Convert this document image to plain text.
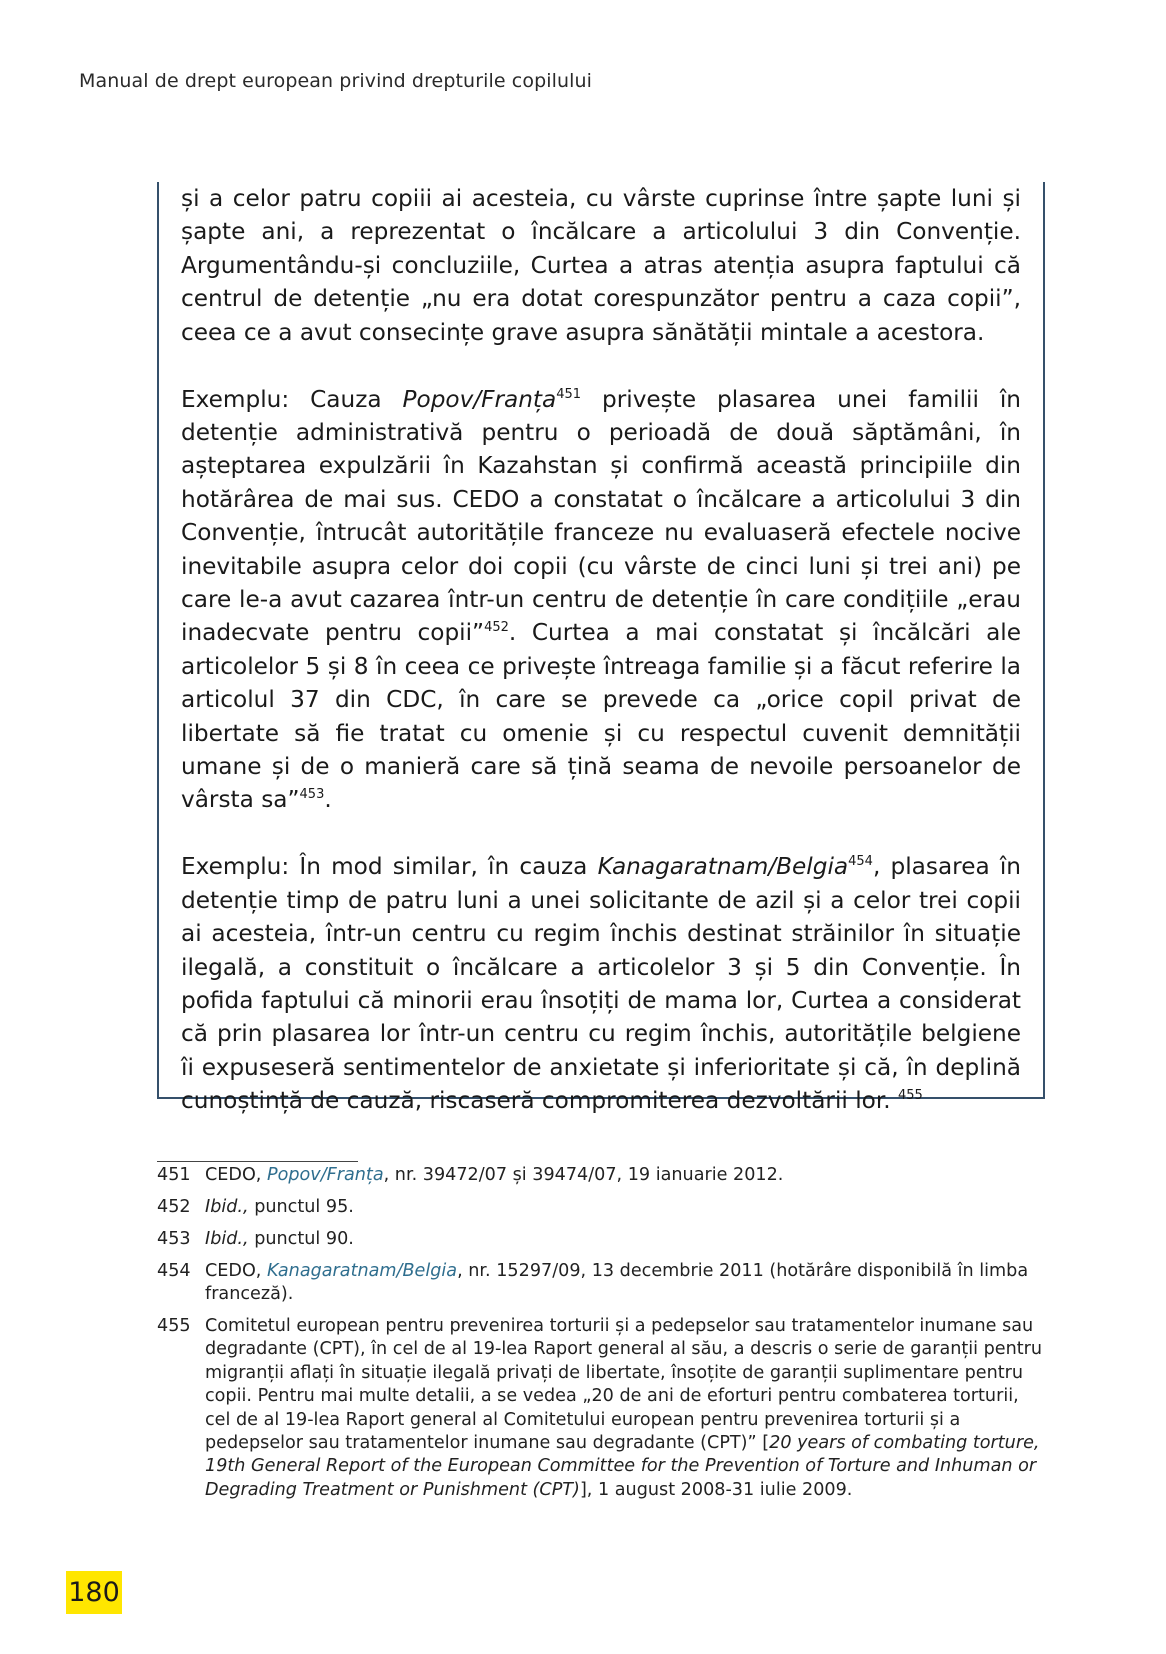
Manual de drept european privind drepturile copilului

și a celor patru copiii ai acesteia, cu vârste cuprinse între șapte luni și șapte ani, a reprezentat o încălcare a articolului 3 din Convenție. Argumentându-și concluziile, Curtea a atras atenția asupra faptului că centrul de detenție „nu era dotat corespunzător pentru a caza copii”, ceea ce a avut consecințe grave asupra sănătății mintale a acestora.

Exemplu: Cauza Popov/Franța$^{451}$ privește plasarea unei familii în detenție administrativă pentru o perioadă de două săptămâni, în așteptarea expulzării în Kazahstan și confirmă această principiile din hotărârea de mai sus. CEDO a constatat o încălcare a articolului 3 din Convenție, întrucât autoritățile franceze nu evaluaseră efectele nocive inevitabile asupra celor doi copii (cu vârste de cinci luni și trei ani) pe care le-a avut cazarea într-un centru de detenție în care condițiile „erau inadecvate pentru copii”$^{452}$. Curtea a mai constatat și încălcări ale articolelor 5 și 8 în ceea ce privește întreaga familie și a făcut referire la articolul 37 din CDC, în care se prevede ca „orice copil privat de libertate să fie tratat cu omenie și cu respectul cuvenit demnității umane și de o manieră care să țină seama de nevoile persoanelor de vârsta sa”$^{453}$.

Exemplu: În mod similar, în cauza Kanagaratnam/Belgia$^{454}$, plasarea în detenție timp de patru luni a unei solicitante de azil și a celor trei copii ai acesteia, într-un centru cu regim închis destinat străinilor în situație ilegală, a constituit o încălcare a articolelor 3 și 5 din Convenție. În pofida faptului că minorii erau însoțiți de mama lor, Curtea a considerat că prin plasarea lor într-un centru cu regim închis, autoritățile belgiene îi expuseseră sentimentelor de anxietate și inferioritate și că, în deplină cunoștință de cauză, riscaseră compromiterea dezvoltării lor. $^{455}$

451 CEDO, Popov/Franța, nr. 39472/07 și 39474/07, 19 ianuarie 2012.
452 Ibid., punctul 95.
453 Ibid., punctul 90.
454 CEDO, Kanagaratnam/Belgia, nr. 15297/09, 13 decembrie 2011 (hotărâre disponibilă în limba franceză).
455 Comitetul european pentru prevenirea torturii și a pedepselor sau tratamentelor inumane sau degradante (CPT), în cel de al 19-lea Raport general al său, a descris o serie de garanții pentru migranții aflați în situație ilegală privați de libertate, însoțite de garanții suplimentare pentru copii. Pentru mai multe detalii, a se vedea „20 de ani de eforturi pentru combaterea torturii, cel de al 19-lea Raport general al Comitetului european pentru prevenirea torturii și a pedepselor sau tratamentelor inumane sau degradante (CPT)” [20 years of combating torture, 19th General Report of the European Committee for the Prevention of Torture and Inhuman or Degrading Treatment or Punishment (CPT)], 1 august 2008-31 iulie 2009.
180
